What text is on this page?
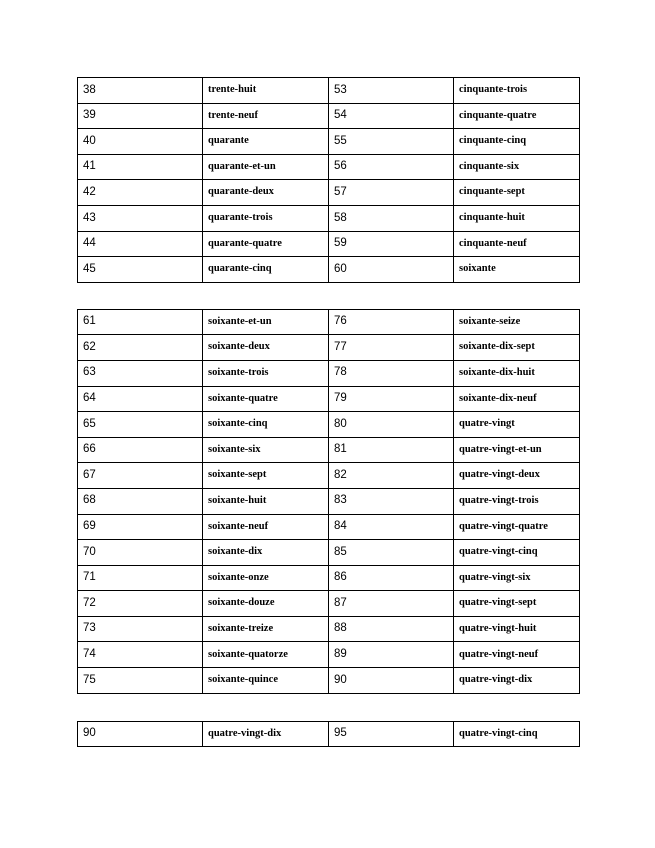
38	trente-huit	53	cinquante-trois
39	trente-neuf	54	cinquante-quatre
40	quarante	55	cinquante-cinq
41	quarante-et-un	56	cinquante-six
42	quarante-deux	57	cinquante-sept
43	quarante-trois	58	cinquante-huit
44	quarante-quatre	59	cinquante-neuf
45	quarante-cinq	60	soixante
61	soixante-et-un	76	soixante-seize
62	soixante-deux	77	soixante-dix-sept
63	soixante-trois	78	soixante-dix-huit
64	soixante-quatre	79	soixante-dix-neuf
65	soixante-cinq	80	quatre-vingt
66	soixante-six	81	quatre-vingt-et-un
67	soixante-sept	82	quatre-vingt-deux
68	soixante-huit	83	quatre-vingt-trois
69	soixante-neuf	84	quatre-vingt-quatre
70	soixante-dix	85	quatre-vingt-cinq
71	soixante-onze	86	quatre-vingt-six
72	soixante-douze	87	quatre-vingt-sept
73	soixante-treize	88	quatre-vingt-huit
74	soixante-quatorze	89	quatre-vingt-neuf
75	soixante-quince	90	quatre-vingt-dix
90	quatre-vingt-dix	95	quatre-vingt-cinq
